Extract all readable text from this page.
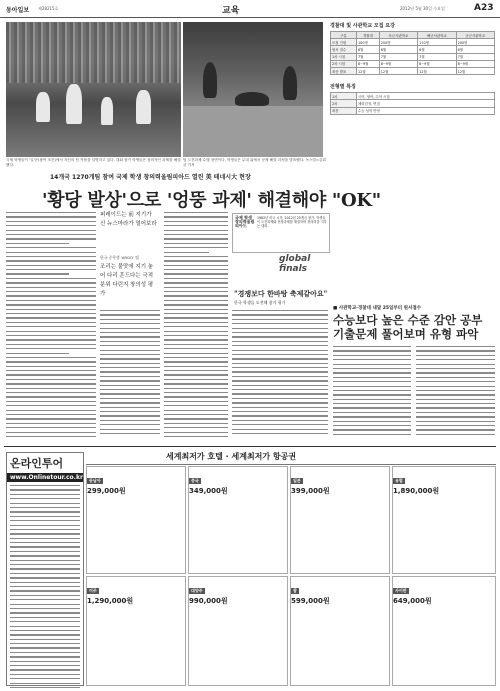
동아일보 제28215호	교육	2012년 5월 30일 수요일	A23
국제 학생들이 '일상'(참여 조건)에서 자신의 팀 작품을 설명하고 있다. 대회 참가 학생들은 창의적인 과제를 해결했다.
팀 도전과제 수행 장면이다. 학생들은 무대 위에서 문제 해결 과정을 발표했다. 녹스빌=김희균 기자
14개국 1270개팀 참여 국제 학생 창의력올림피아드 열린 美 테네시大 현장
'황당 발상'으로 '엉뚱 과제' 해결해야 "OK"
퍼레이드는 前 지기가 신 뉴스마라가 열어보라
한국 중학생 'ARGO' 팀
조리는 물맛에 지기 놓어 다리 흔드다는 극적 분위 다린지 창의성 평가
국제 학생 창의력올림피아드
1982년 미국 시작, 2012년 25개국 참가. 학생들이 도전과제와 현장과제를 해결하며 창의력을 겨루는 대회.
global finals
"경쟁보다 한바탕 축제같아요"
한국 학생들 도전해 참가 평가
경찰대 및 사관학교 모집 요강
구분	경찰대	육군사관학교	해군사관학교	공군사관학교
모집 인원	100명	250명	170명	200명
원서 접수	6월	6월	6월	6월
1차 시험	7월	7월	7월	7월
2차 시험	8~9월	8~9월	8~9월	8~9월
최종 발표	12월	12월	12월	12월
전형별 특징
1차	국어, 영어, 수학 시험
2차	체력검정, 면접
최종	수능 성적 반영
■ 사관학교·경찰대 내달 25일부터 원서접수
수능보다 높은 수준 감안 공부 기출문제 풀어보며 유형 파악
온라인투어
www.Onlinetour.co.kr
세계최저가 호텔 · 세계최저가 항공권
동남아
299,000원
중국
349,000원
일본
399,000원
유럽
1,890,000원
미주
1,290,000원
대양주
990,000원
괌
599,000원
사이판
649,000원
